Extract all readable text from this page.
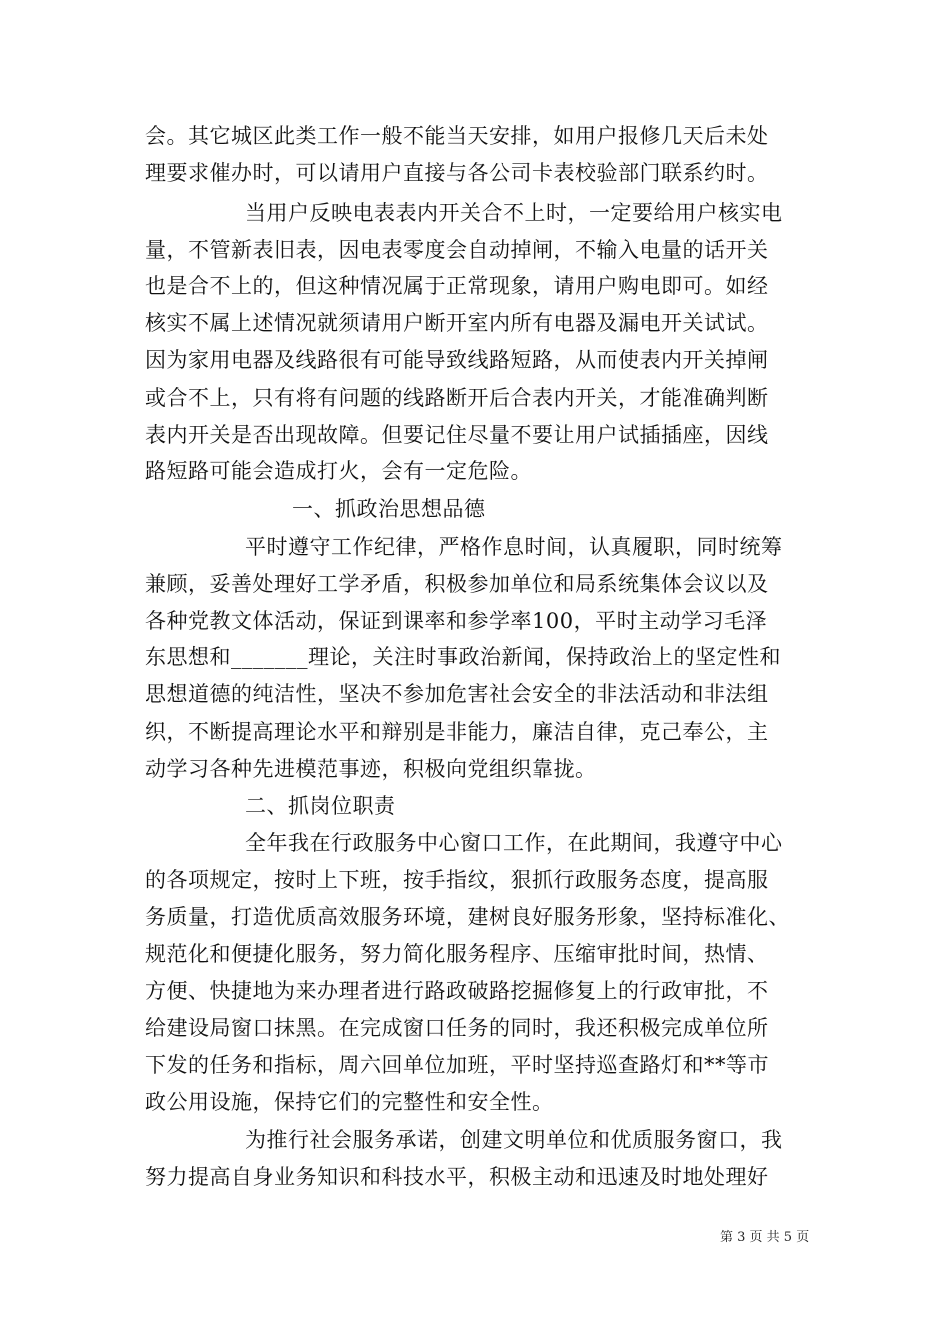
会。其它城区此类工作一般不能当天安排，如用户报修几天后未处
理要求催办时，可以请用户直接与各公司卡表校验部门联系约时。
当用户反映电表表内开关合不上时，一定要给用户核实电
量，不管新表旧表，因电表零度会自动掉闸，不输入电量的话开关
也是合不上的，但这种情况属于正常现象，请用户购电即可。如经
核实不属上述情况就须请用户断开室内所有电器及漏电开关试试。
因为家用电器及线路很有可能导致线路短路，从而使表内开关掉闸
或合不上，只有将有问题的线路断开后合表内开关，才能准确判断
表内开关是否出现故障。但要记住尽量不要让用户试插插座，因线
路短路可能会造成打火，会有一定危险。
一、抓政治思想品德
平时遵守工作纪律，严格作息时间，认真履职，同时统筹
兼顾，妥善处理好工学矛盾，积极参加单位和局系统集体会议以及
各种党教文体活动，保证到课率和参学率100，平时主动学习毛泽
东思想和_______理论，关注时事政治新闻，保持政治上的坚定性和
思想道德的纯洁性，坚决不参加危害社会安全的非法活动和非法组
织，不断提高理论水平和辩别是非能力，廉洁自律，克己奉公，主
动学习各种先进模范事迹，积极向党组织靠拢。
二、抓岗位职责
全年我在行政服务中心窗口工作，在此期间，我遵守中心
的各项规定，按时上下班，按手指纹，狠抓行政服务态度，提高服
务质量，打造优质高效服务环境，建树良好服务形象，坚持标准化、
规范化和便捷化服务，努力简化服务程序、压缩审批时间，热情、
方便、快捷地为来办理者进行路政破路挖掘修复上的行政审批，不
给建设局窗口抹黑。在完成窗口任务的同时，我还积极完成单位所
下发的任务和指标，周六回单位加班，平时坚持巡查路灯和**等市
政公用设施，保持它们的完整性和安全性。
为推行社会服务承诺，创建文明单位和优质服务窗口，我
努力提高自身业务知识和科技水平，积极主动和迅速及时地处理好
第 3 页 共 5 页
